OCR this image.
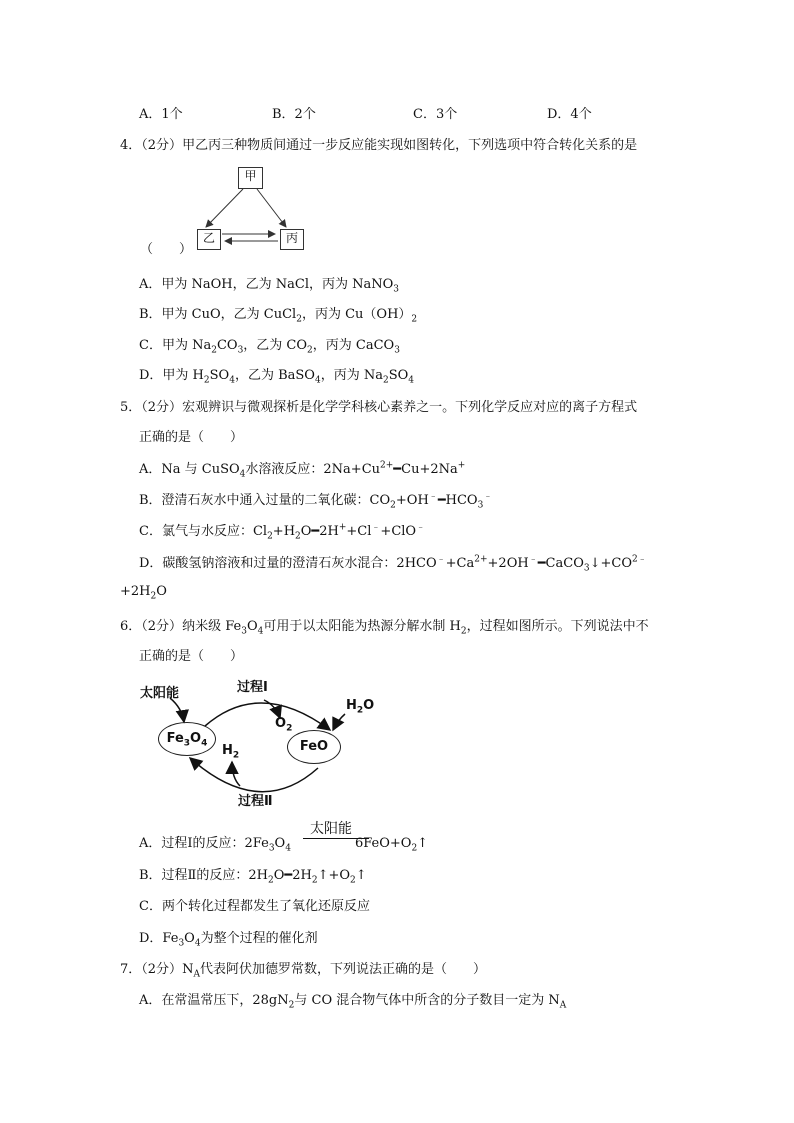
A．1个	B．2个	C．3个	D．4个
4．（2分）甲乙丙三种物质间通过一步反应能实现如图转化，下列选项中符合转化关系的是
甲
乙	丙
（　　）
A．甲为 NaOH，乙为 NaCl，丙为 NaNO$_3$
B．甲为 CuO，乙为 CuCl$_2$，丙为 $Cu(OH)_2$
C．甲为 $Na_2CO_3$，乙为 $CO_2$，丙为 CaCO$_3$
D．甲为 $H_2SO_4$，乙为 BaSO$_4$，丙为 $Na_2SO_4$
5．（2分）宏观辨识与微观探析是化学学科核心素养之一。下列化学反应对应的离子方程式
正确的是（　　）
A．Na 与 CuSO$_4$水溶液反应：$2Na+Cu^{2+}━Cu+2Na^+$
B．澄清石灰水中通入过量的二氧化碳：$CO_2+OH^﹣━HCO_3^﹣$
C．氯气与水反应：$Cl_2+H_2O━2H^++Cl^﹣+ClO^﹣$
D．碳酸氢钠溶液和过量的澄清石灰水混合：$2HCO^﹣+Ca^{2+}+2OH^﹣━CaCO_3↓+CO^{2﹣}$
$+2H_2O$
6．（2分）纳米级 $Fe_3O_4$可用于以太阳能为热源分解水制 $H_2$，过程如图所示。下列说法中不
正确的是（　　）
太阳能	过程Ⅰ
$O_2$
$H_2O$
$Fe_3O_4$	FeO
$H_2$
过程Ⅱ
A．过程Ⅰ的反应：$2Fe_3O_4$	$6FeO+O_2↑$
太阳能
B．过程Ⅱ的反应：$2H_2O━2H_2↑+O_2↑$
C．两个转化过程都发生了氧化还原反应
D．$Fe_3O_4$为整个过程的催化剂
7．（2分）$N_A$代表阿伏加德罗常数，下列说法正确的是（　　）
A．在常温常压下，$28gN_2$与 CO 混合物气体中所含的分子数目一定为 $N_A$
